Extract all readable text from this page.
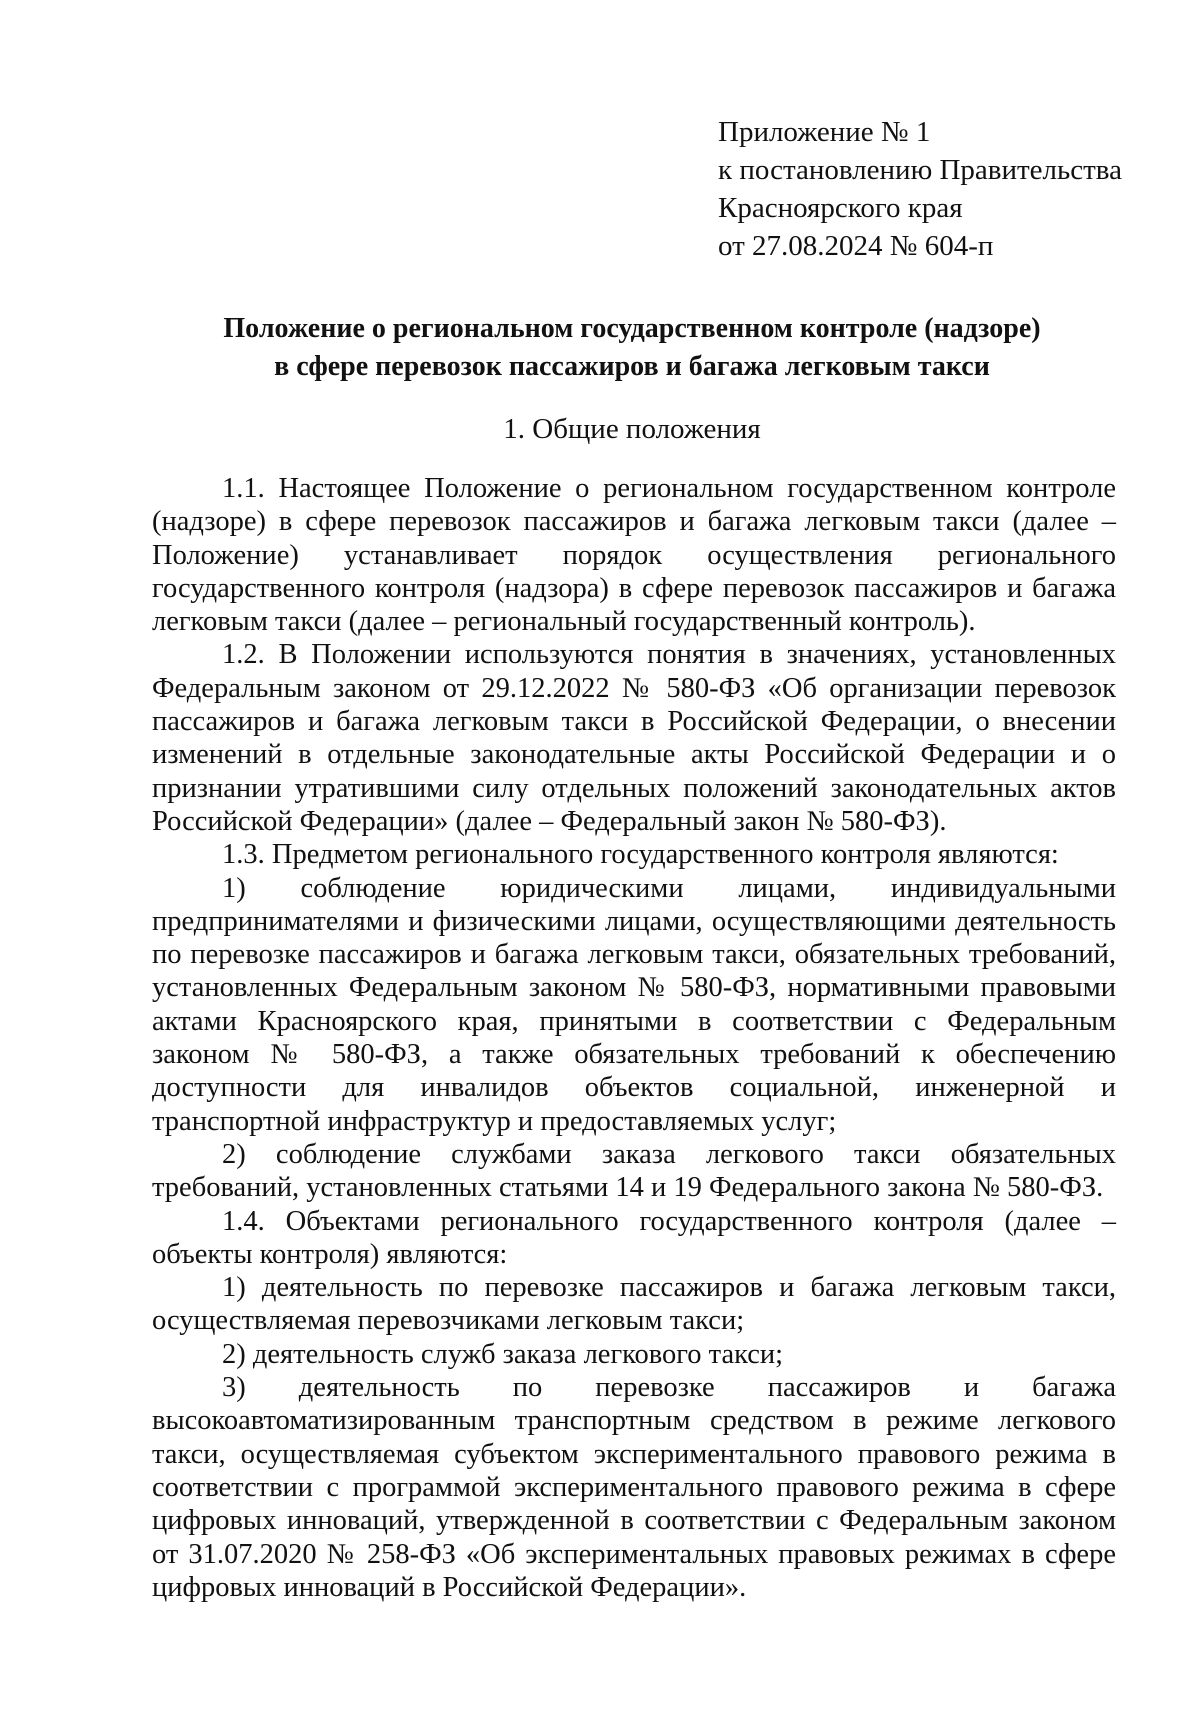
Приложение № 1
к постановлению Правительства
Красноярского края
от 27.08.2024 № 604-п
Положение о региональном государственном контроле (надзоре)
в сфере перевозок пассажиров и багажа легковым такси
1. Общие положения

1.1. Настоящее Положение о региональном государственном контроле (надзоре) в сфере перевозок пассажиров и багажа легковым такси (далее – Положение) устанавливает порядок осуществления регионального государственного контроля (надзора) в сфере перевозок пассажиров и багажа легковым такси (далее – региональный государственный контроль).

1.2. В Положении используются понятия в значениях, установленных Федеральным законом от 29.12.2022 № 580-ФЗ «Об организации перевозок пассажиров и багажа легковым такси в Российской Федерации, о внесении изменений в отдельные законодательные акты Российской Федерации и о признании утратившими силу отдельных положений законодательных актов Российской Федерации» (далее – Федеральный закон № 580-ФЗ).

1.3. Предметом регионального государственного контроля являются:

1) соблюдение юридическими лицами, индивидуальными предпринимателями и физическими лицами, осуществляющими деятельность по перевозке пассажиров и багажа легковым такси, обязательных требований, установленных Федеральным законом № 580-ФЗ, нормативными правовыми актами Красноярского края, принятыми в соответствии с Федеральным законом № 580-ФЗ, а также обязательных требований к обеспечению доступности для инвалидов объектов социальной, инженерной и транспортной инфраструктур и предоставляемых услуг;

2) соблюдение службами заказа легкового такси обязательных требований, установленных статьями 14 и 19 Федерального закона № 580-ФЗ.

1.4. Объектами регионального государственного контроля (далее – объекты контроля) являются:

1) деятельность по перевозке пассажиров и багажа легковым такси, осуществляемая перевозчиками легковым такси;

2) деятельность служб заказа легкового такси;

3) деятельность по перевозке пассажиров и багажа высокоавтоматизированным транспортным средством в режиме легкового такси, осуществляемая субъектом экспериментального правового режима в соответствии с программой экспериментального правового режима в сфере цифровых инноваций, утвержденной в соответствии с Федеральным законом от 31.07.2020 № 258-ФЗ «Об экспериментальных правовых режимах в сфере цифровых инноваций в Российской Федерации».
